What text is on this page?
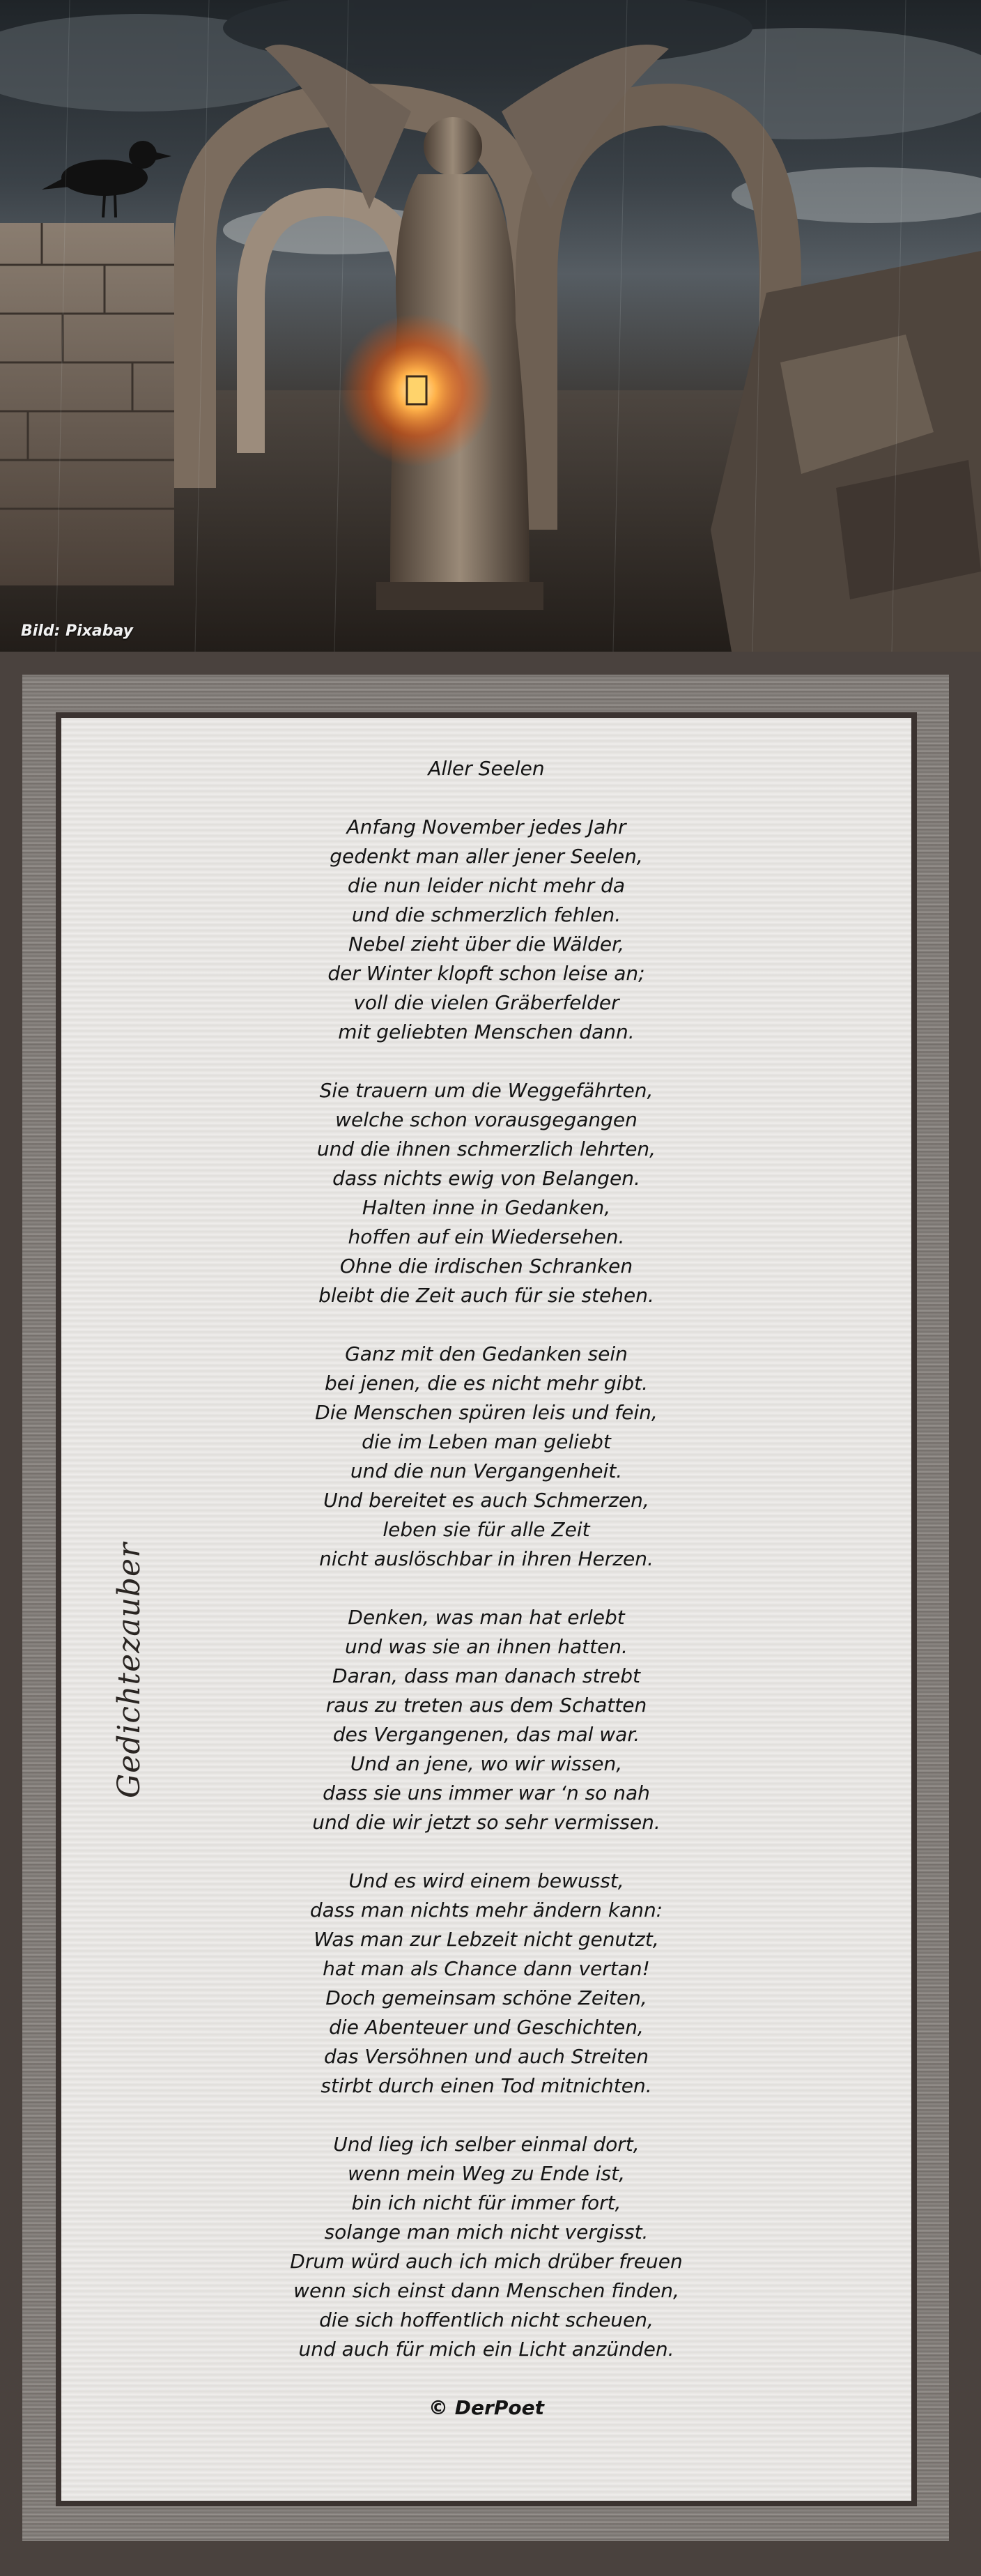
Bild: Pixabay
Gedichtezauber
Aller Seelen
Anfang November jedes Jahr
gedenkt man aller jener Seelen,
die nun leider nicht mehr da
und die schmerzlich fehlen.
Nebel zieht über die Wälder,
der Winter klopft schon leise an;
voll die vielen Gräberfelder
mit geliebten Menschen dann.
Sie trauern um die Weggefährten,
welche schon vorausgegangen
und die ihnen schmerzlich lehrten,
dass nichts ewig von Belangen.
Halten inne in Gedanken,
hoffen auf ein Wiedersehen.
Ohne die irdischen Schranken
bleibt die Zeit auch für sie stehen.
Ganz mit den Gedanken sein
bei jenen, die es nicht mehr gibt.
Die Menschen spüren leis und fein,
die im Leben man geliebt
und die nun Vergangenheit.
Und bereitet es auch Schmerzen,
leben sie für alle Zeit
nicht auslöschbar in ihren Herzen.
Denken, was man hat erlebt
und was sie an ihnen hatten.
Daran, dass man danach strebt
raus zu treten aus dem Schatten
des Vergangenen, das mal war.
Und an jene, wo wir wissen,
dass sie uns immer war ‘n so nah
und die wir jetzt so sehr vermissen.
Und es wird einem bewusst,
dass man nichts mehr ändern kann:
Was man zur Lebzeit nicht genutzt,
hat man als Chance dann vertan!
Doch gemeinsam schöne Zeiten,
die Abenteuer und Geschichten,
das Versöhnen und auch Streiten
stirbt durch einen Tod mitnichten.
Und lieg ich selber einmal dort,
wenn mein Weg zu Ende ist,
bin ich nicht für immer fort,
solange man mich nicht vergisst.
Drum würd auch ich mich drüber freuen
wenn sich einst dann Menschen finden,
die sich hoffentlich nicht scheuen,
und auch für mich ein Licht anzünden.
© DerPoet
